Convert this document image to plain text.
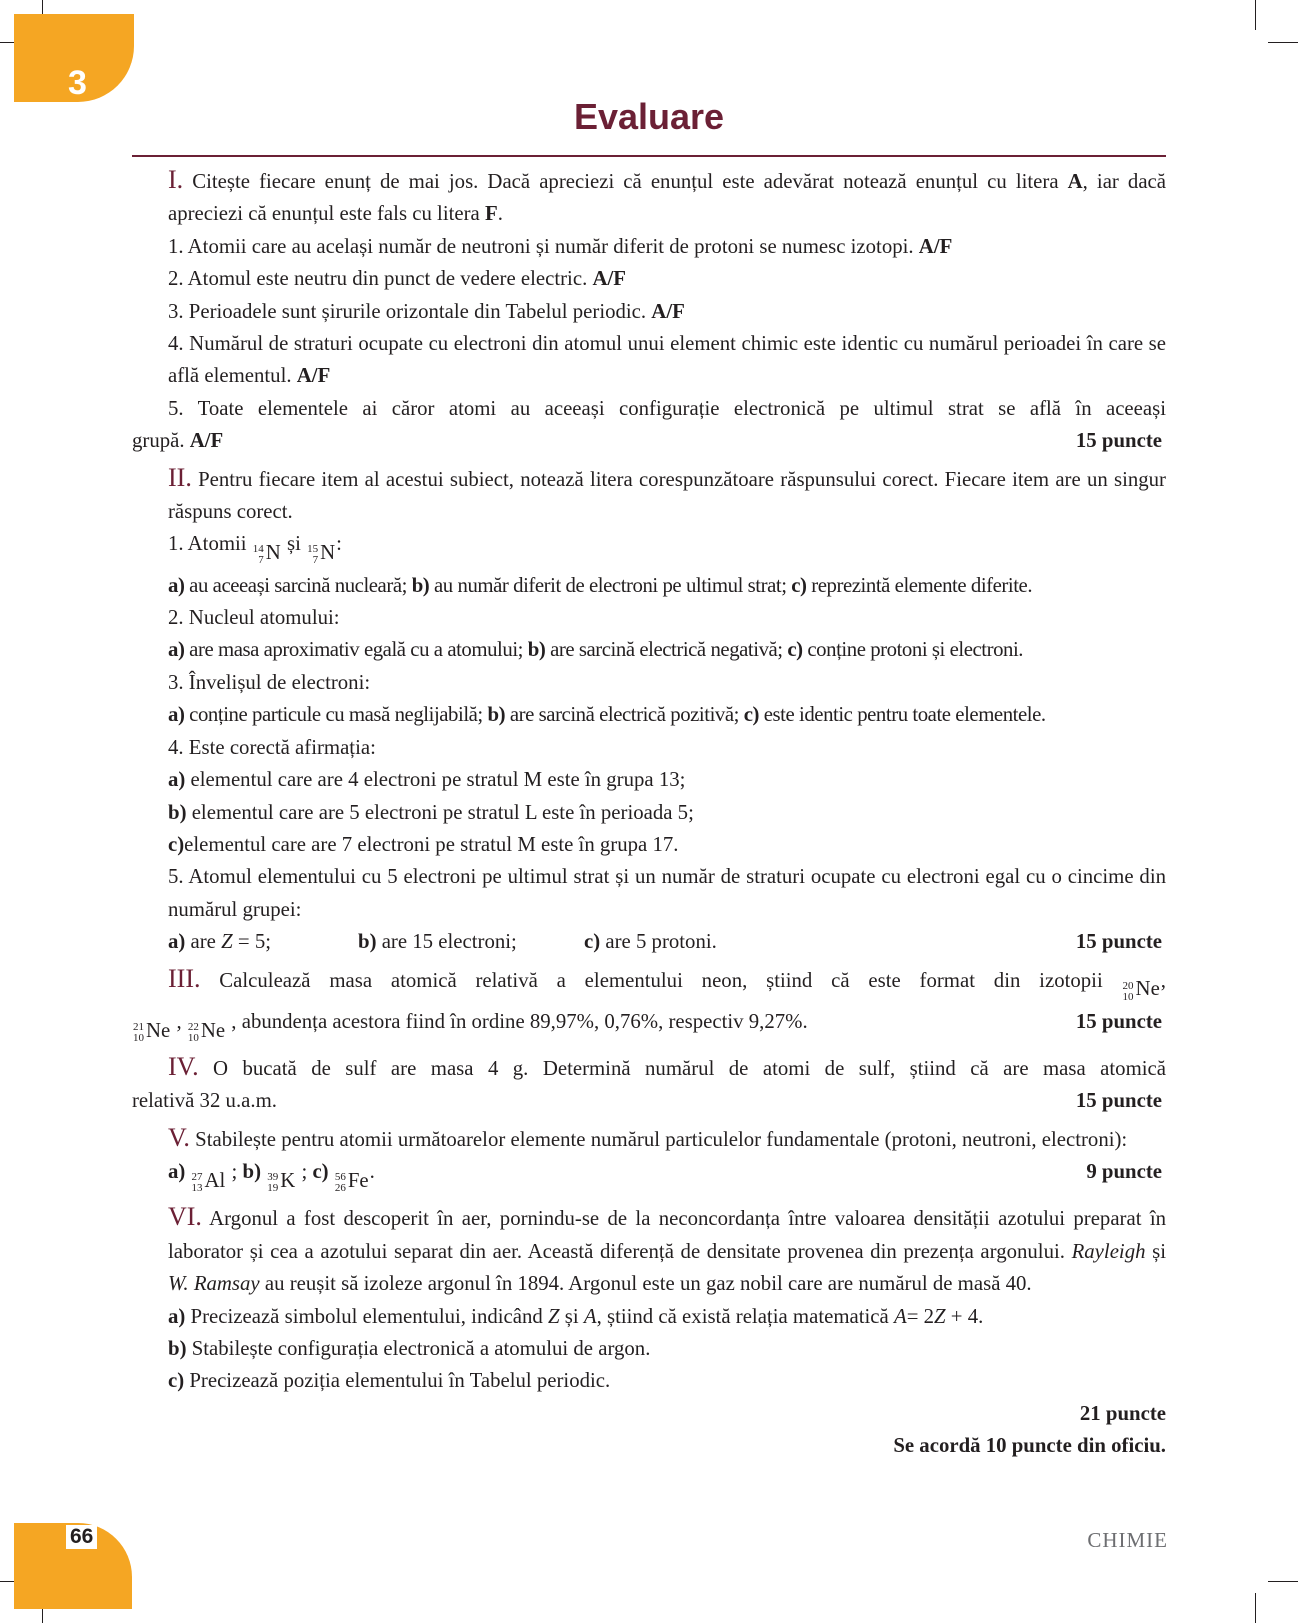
3
Evaluare

I. Citește fiecare enunț de mai jos. Dacă apreciezi că enunțul este adevărat notează enunțul cu litera A, iar dacă apreciezi că enunțul este fals cu litera F.

1. Atomii care au același număr de neutroni și număr diferit de protoni se numesc izotopi. A/F

2. Atomul este neutru din punct de vedere electric. A/F

3. Perioadele sunt șirurile orizontale din Tabelul periodic. A/F

4. Numărul de straturi ocupate cu electroni din atomul unui element chimic este identic cu numărul perioadei în care se află elementul. A/F

5. Toate elementele ai căror atomi au aceeași configurație electronică pe ultimul strat se află în aceeași

grupă. A/F	15 puncte

II. Pentru fiecare item al acestui subiect, notează litera corespunzătoare răspunsului corect. Fiecare item are un singur răspuns corect.

1. Atomii 14
7 N și 15
7 N :

a) au aceeași sarcină nucleară; b) au număr diferit de electroni pe ultimul strat; c) reprezintă elemente diferite.

2. Nucleul atomului:

a) are masa aproximativ egală cu a atomului; b) are sarcină electrică negativă; c) conține protoni și electroni.

3. Învelișul de electroni:

a) conține particule cu masă neglijabilă; b) are sarcină electrică pozitivă; c) este identic pentru toate elementele.

4. Este corectă afirmația:

a) elementul care are 4 electroni pe stratul M este în grupa 13;

b) elementul care are 5 electroni pe stratul L este în perioada 5;

c)elementul care are 7 electroni pe stratul M este în grupa 17.

5. Atomul elementului cu 5 electroni pe ultimul strat și un număr de straturi ocupate cu electroni egal cu o cincime din numărul grupei:

a) are Z = 5;	b) are 15 electroni;	c) are 5 protoni.	15 puncte

III. Calculează masa atomică relativă a elementului neon, știind că este format din izotopii 20
10 Ne ,

21
10 Ne , 22
10 Ne , abundența acestora fiind în ordine 89,97%, 0,76%, respectiv 9,27%.	15 puncte

IV. O bucată de sulf are masa 4 g. Determină numărul de atomi de sulf, știind că are masa atomică

relativă 32 u.a.m.	15 puncte

V. Stabilește pentru atomii următoarelor elemente numărul particulelor fundamentale (protoni, neutroni, electroni):

a) 27
13 Al ; b) 39
19 K ; c) 56
26 Fe .	9 puncte

VI. Argonul a fost descoperit în aer, pornindu-se de la neconcordanța între valoarea densității azotului preparat în laborator și cea a azotului separat din aer. Această diferență de densitate provenea din prezența argonului. Rayleigh și W. Ramsay au reușit să izoleze argonul în 1894. Argonul este un gaz nobil care are numărul de masă 40.

a) Precizează simbolul elementului, indicând Z și A, știind că există relația matematică A= 2Z + 4.

b) Stabilește configurația electronică a atomului de argon.

c) Precizează poziția elementului în Tabelul periodic.

21 puncte

Se acordă 10 puncte din oficiu.

66	CHIMIE
